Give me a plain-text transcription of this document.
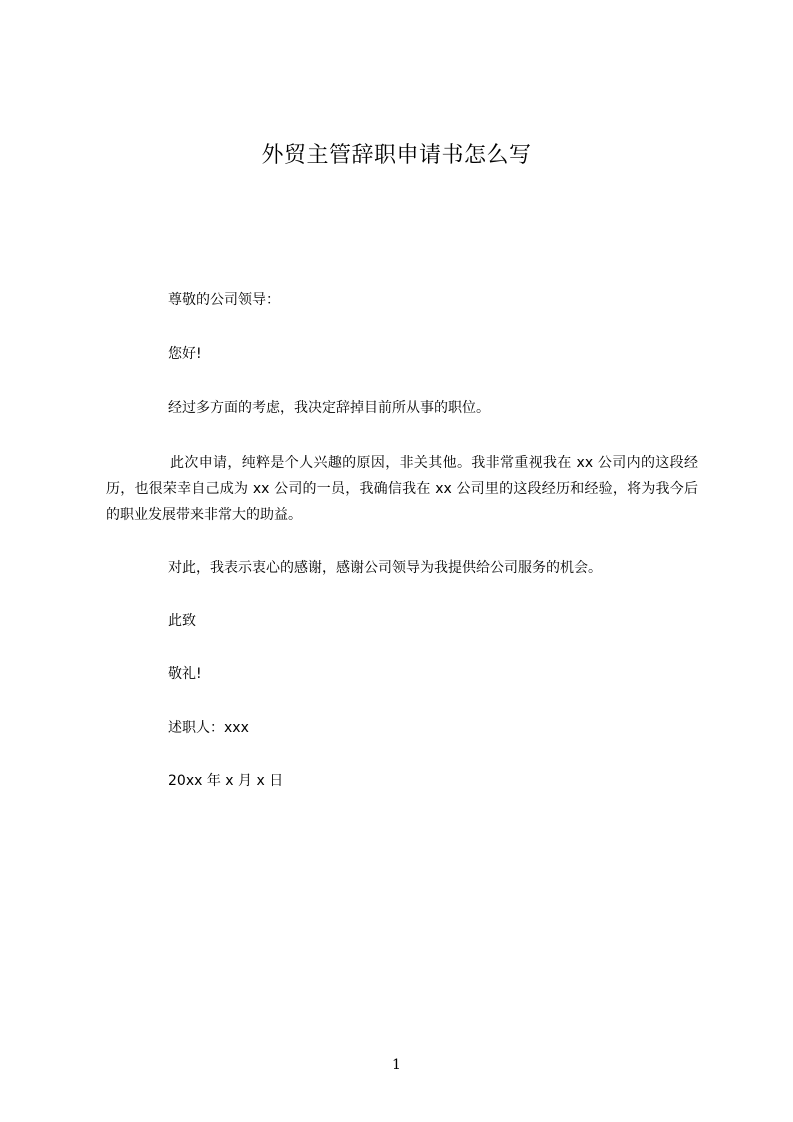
外贸主管辞职申请书怎么写
尊敬的公司领导：
您好!
经过多方面的考虑，我决定辞掉目前所从事的职位。
此次申请，纯粹是个人兴趣的原因，非关其他。我非常重视我在 xx 公司内的这段经历，也很荣幸自己成为 xx 公司的一员，我确信我在 xx 公司里的这段经历和经验，将为我今后的职业发展带来非常大的助益。
对此，我表示衷心的感谢，感谢公司领导为我提供给公司服务的机会。
此致
敬礼!
述职人：xxx
20xx 年 x 月 x 日
1
